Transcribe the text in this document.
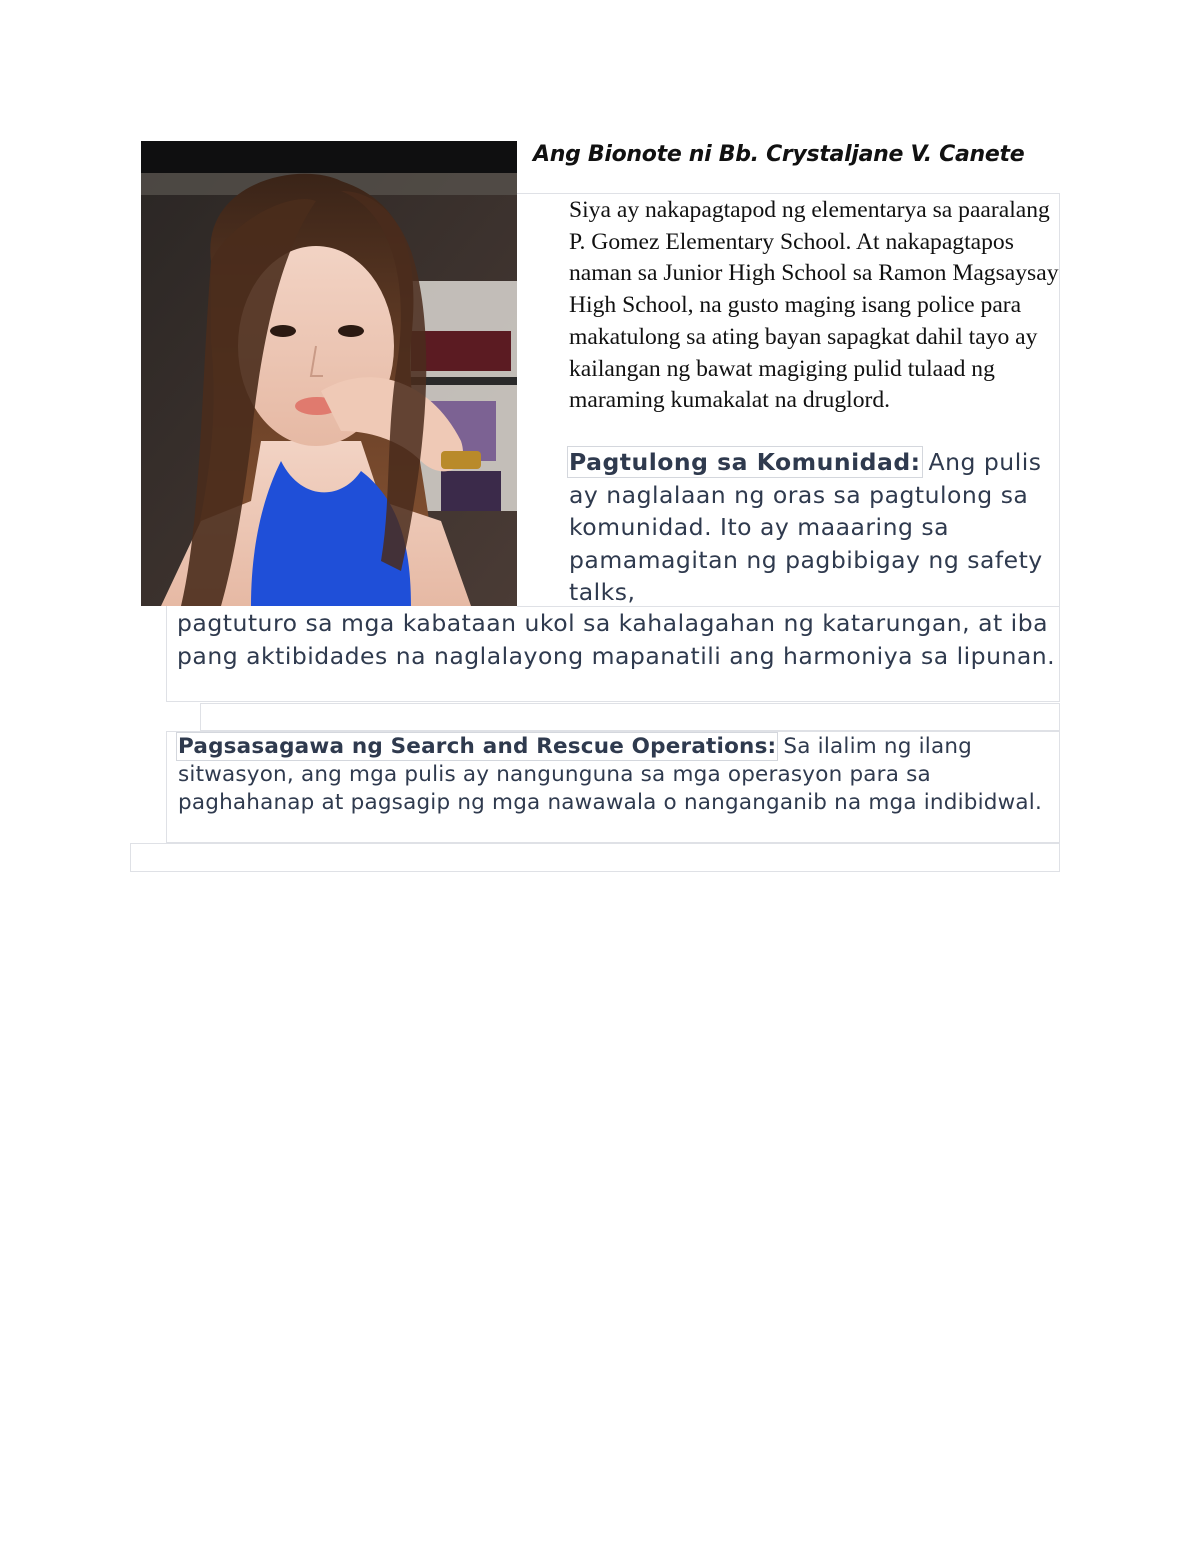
Ang Bionote ni Bb. Crystaljane V. Canete

Siya ay nakapagtapod ng elementarya sa paaralang P. Gomez Elementary School. At nakapagtapos naman sa Junior High School sa Ramon Magsaysay High School, na gusto maging isang police para makatulong sa ating bayan sapagkat dahil tayo ay kailangan ng bawat magiging pulid tulaad ng maraming kumakalat na druglord.

Pagtulong sa Komunidad: Ang pulis ay naglalaan ng oras sa pagtulong sa komunidad. Ito ay maaaring sa pamamagitan ng pagbibigay ng safety talks,
pagtuturo sa mga kabataan ukol sa kahalagahan ng katarungan, at iba pang aktibidades na naglalayong mapanatili ang harmoniya sa lipunan.
Pagsasagawa ng Search and Rescue Operations: Sa ilalim ng ilang sitwasyon, ang mga pulis ay nangunguna sa mga operasyon para sa paghahanap at pagsagip ng mga nawawala o nanganganib na mga indibidwal.
